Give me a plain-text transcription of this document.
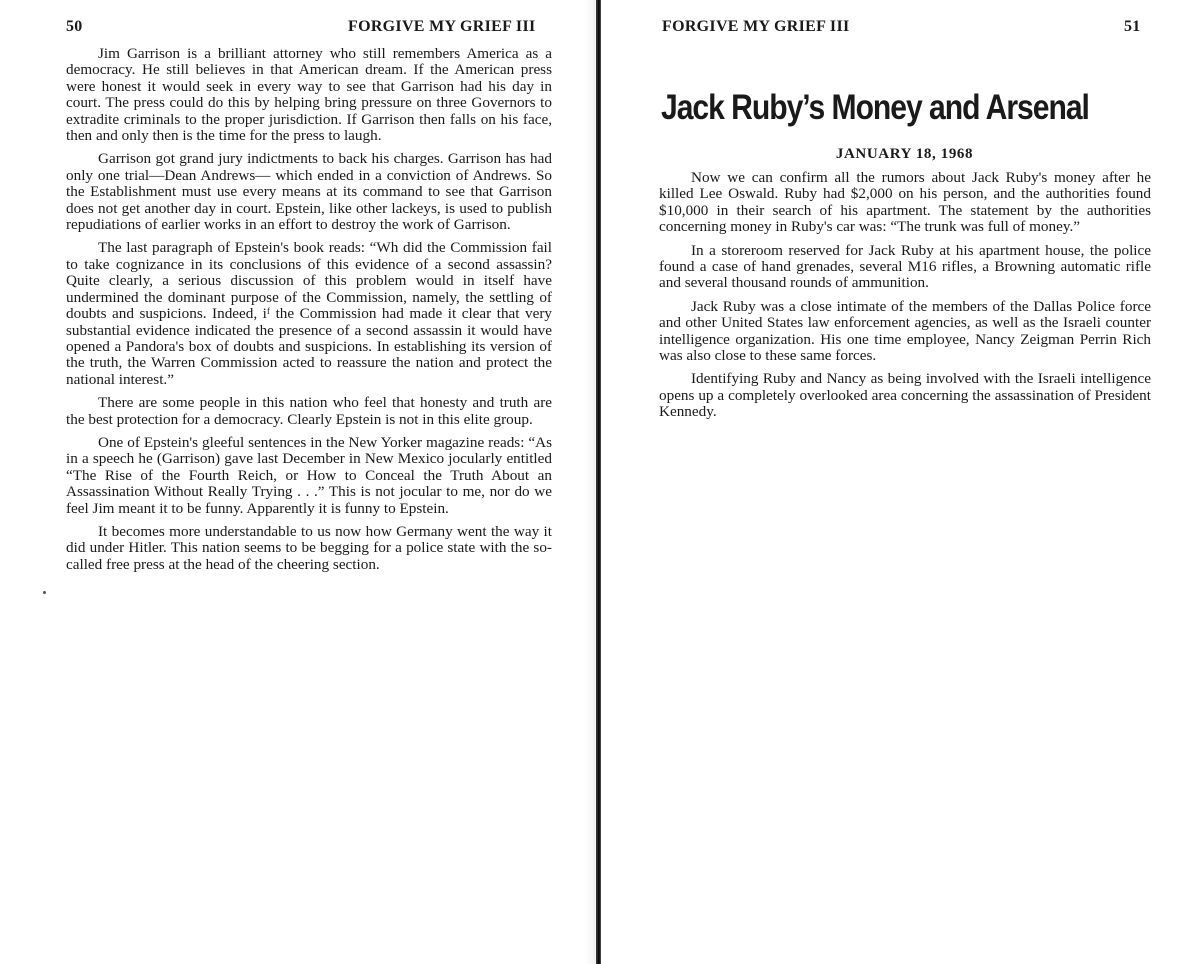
50	FORGIVE MY GRIEF III

Jim Garrison is a brilliant attorney who still remembers America as a democracy. He still believes in that American dream. If the American press were honest it would seek in every way to see that Garrison had his day in court. The press could do this by helping bring pressure on three Governors to extradite criminals to the proper jurisdiction. If Garrison then falls on his face, then and only then is the time for the press to laugh.

Garrison got grand jury indictments to back his charges. Garrison has had only one trial—Dean Andrews— which ended in a conviction of Andrews. So the Establishment must use every means at its command to see that Garrison does not get another day in court. Epstein, like other lackeys, is used to publish repudiations of earlier works in an effort to destroy the work of Garrison.

The last paragraph of Epstein's book reads: “Wh did the Commission fail to take cognizance in its conclusions of this evidence of a second assassin? Quite clearly, a serious discussion of this problem would in itself have undermined the dominant purpose of the Commission, namely, the settling of doubts and suspicions. Indeed, iᶠ the Commission had made it clear that very substantial evidence indicated the presence of a second assassin it would have opened a Pandora's box of doubts and suspicions. In establishing its version of the truth, the Warren Commission acted to reassure the nation and protect the national interest.”

There are some people in this nation who feel that honesty and truth are the best protection for a democracy. Clearly Epstein is not in this elite group.

One of Epstein's gleeful sentences in the New Yorker magazine reads: “As in a speech he (Garrison) gave last December in New Mexico jocularly entitled “The Rise of the Fourth Reich, or How to Conceal the Truth About an Assassination Without Really Trying . . .” This is not jocular to me, nor do we feel Jim meant it to be funny. Apparently it is funny to Epstein.

It becomes more understandable to us now how Germany went the way it did under Hitler. This nation seems to be begging for a police state with the so-called free press at the head of the cheering section.

FORGIVE MY GRIEF III	51
Jack Ruby’s Money and Arsenal
JANUARY 18, 1968

Now we can confirm all the rumors about Jack Ruby's money after he killed Lee Oswald. Ruby had $2,000 on his person, and the authorities found $10,000 in their search of his apartment. The statement by the authorities concerning money in Ruby's car was: “The trunk was full of money.”

In a storeroom reserved for Jack Ruby at his apartment house, the police found a case of hand grenades, several M16 rifles, a Browning automatic rifle and several thousand rounds of ammunition.

Jack Ruby was a close intimate of the members of the Dallas Police force and other United States law enforcement agencies, as well as the Israeli counter intelligence organization. His one time employee, Nancy Zeigman Perrin Rich was also close to these same forces.

Identifying Ruby and Nancy as being involved with the Israeli intelligence opens up a completely overlooked area concerning the assassination of President Kennedy.
